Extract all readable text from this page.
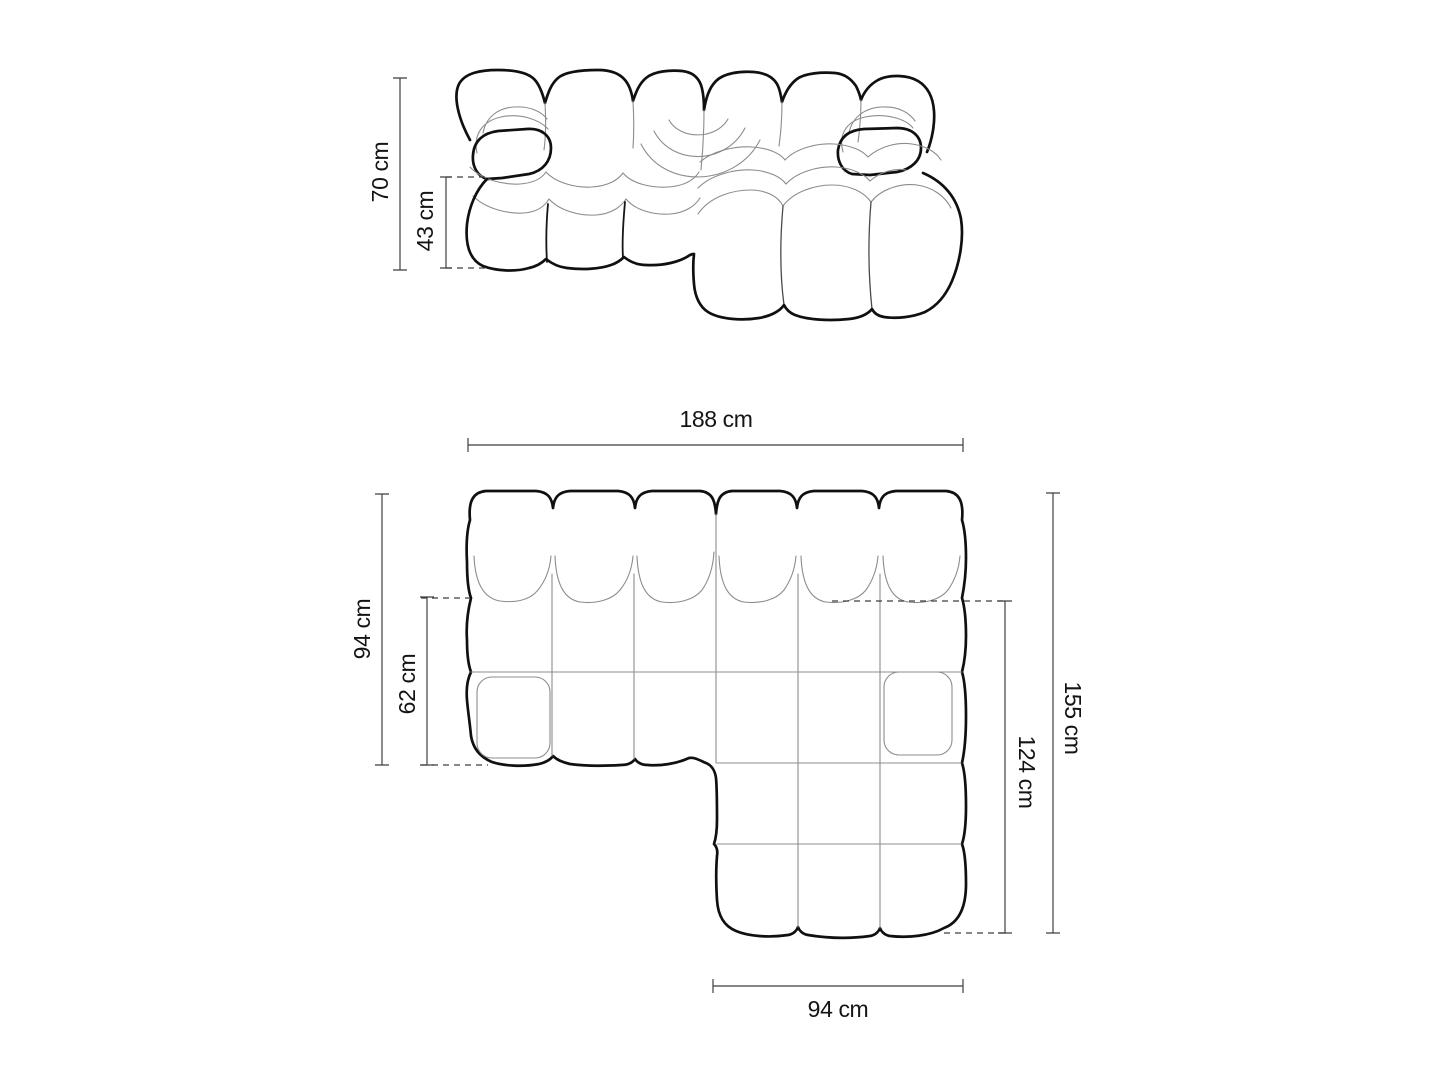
70 cm
43 cm
188 cm
94 cm
62 cm	155 cm
124 cm
94 cm
